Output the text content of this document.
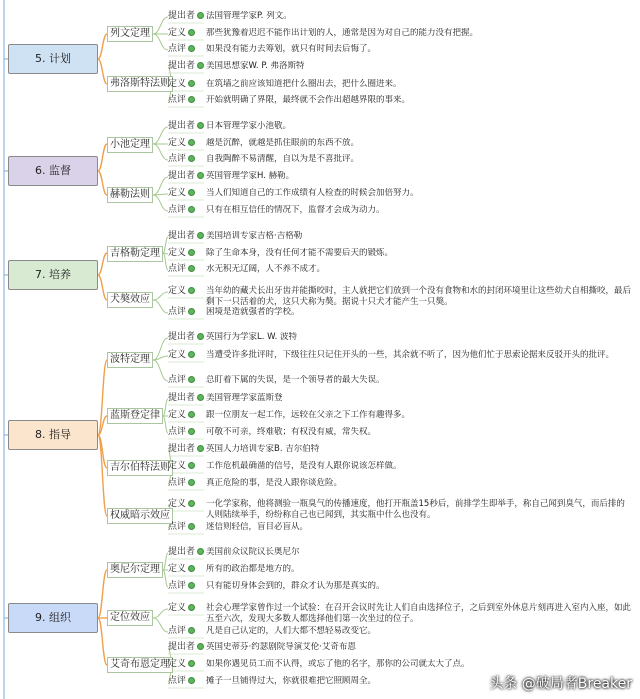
5. 计划
列文定理
提出者	法国管理学家P. 列文。
定义	那些犹豫着迟迟不能作出计划的人，通常是因为对自己的能力没有把握。
点评	如果没有能力去筹划，就只有时间去后悔了。
弗洛斯特法则
提出者	美国思想家W. P. 弗洛斯特
定义	在筑墙之前应该知道把什么圈出去，把什么圈进来。
点评	开始就明确了界限，最终就不会作出超越界限的事来。
6. 监督
小池定理
提出者	日本管理学家小池敬。
定义	越是沉醉，就越是抓住眼前的东西不放。
点评	自我陶醉不易清醒，自以为是不喜批评。
赫勒法则
提出者	英国管理学家H. 赫勒。
定义	当人们知道自己的工作成绩有人检查的时候会加倍努力。
点评	只有在相互信任的情况下，监督才会成为动力。
7. 培养
吉格勒定理
提出者	美国培训专家吉格·吉格勒
定义	除了生命本身，没有任何才能不需要后天的锻炼。
点评	水无积无辽阔，人不养不成才。
犬獒效应
定义	当年幼的藏犬长出牙齿并能撕咬时，主人就把它们放到一个没有食物和水的封闭环境里让这些幼犬自相撕咬，最后剩下一只活着的犬，这只犬称为獒。据说十只犬才能产生一只獒。
点评	困境是造就强者的学校。
8. 指导
波特定理
提出者	英国行为学家L. W. 波特
定义	当遭受许多批评时，下级往往只记住开头的一些，其余就不听了，因为他们忙于思索论据来反驳开头的批评。
点评	总盯着下属的失误，是一个领导者的最大失误。
蓝斯登定律
提出者	美国管理学家蓝斯登
定义	跟一位朋友一起工作，远较在父亲之下工作有趣得多。
点评	可敬不可亲，终难敬；有权没有威，常失权。
吉尔伯特法则
提出者	英国人力培训专家B. 吉尔伯特
定义	工作危机最确凿的信号，是没有人跟你说该怎样做。
点评	真正危险的事，是没人跟你谈危险。
权威暗示效应
定义	一化学家称，他将测验一瓶臭气的传播速度，他打开瓶盖15秒后，前排学生即举手，称自己闻到臭气，而后排的人则陆续举手，纷纷称自己也已闻到，其实瓶中什么也没有。
点评	迷信则轻信，盲目必盲从。
9. 组织
奥尼尔定理
提出者	美国前众议院议长奥尼尔
定义	所有的政治都是地方的。
点评	只有能切身体会到的，群众才认为那是真实的。
定位效应
定义	社会心理学家曾作过一个试验：在召开会议时先让人们自由选择位子，之后到室外休息片刻再进入室内入座，如此五至六次，发现大多数人都选择他们第一次坐过的位子。
点评	凡是自己认定的，人们大都不想轻易改变它。
艾奇布恩定理
提出者	英国史蒂芬·约瑟剧院导演艾伦·艾奇布恩
定义	如果你遇见员工而不认得，或忘了他的名字，那你的公司就太大了点。
点评	摊子一旦铺得过大，你就很难把它照顾周全。	头条 @破局者Breaker
